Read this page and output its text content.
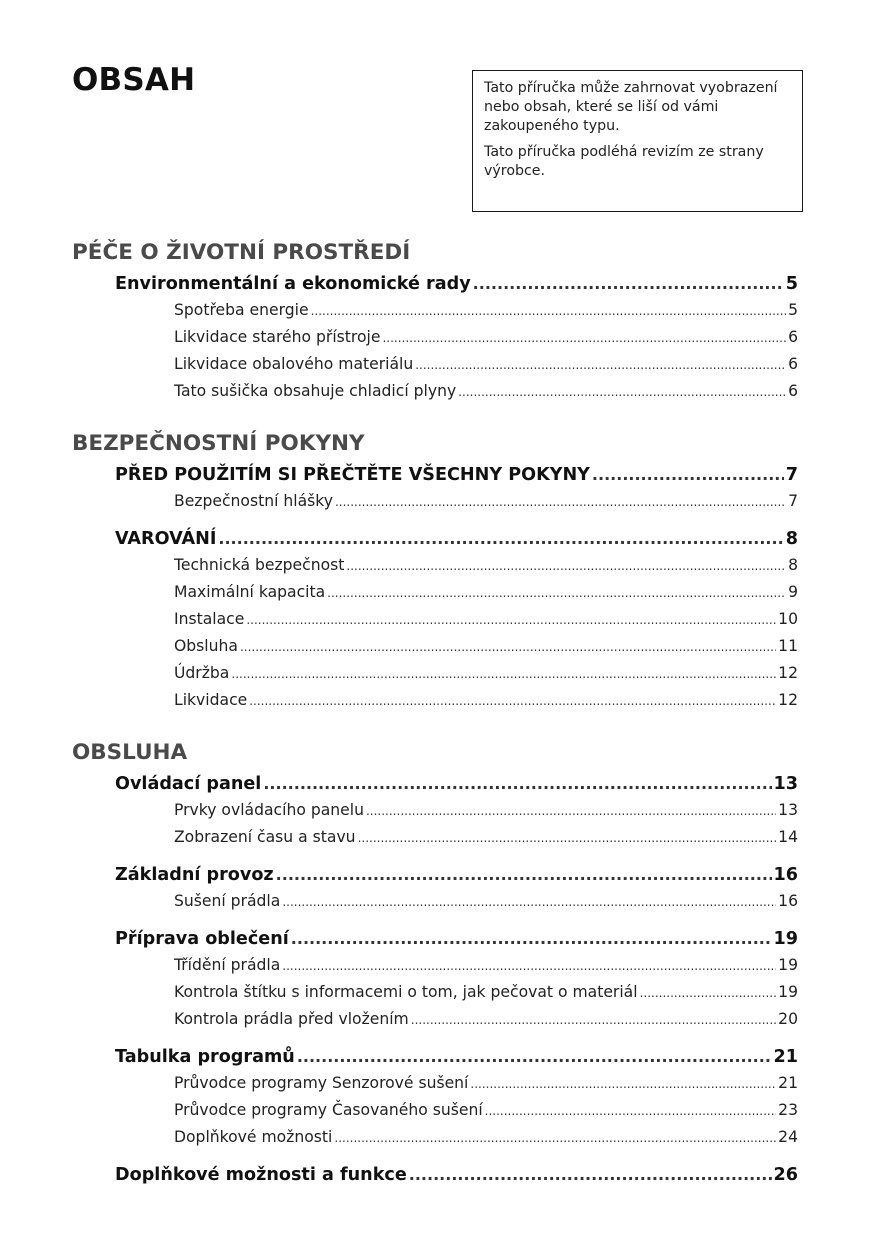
OBSAH	Tato příručka může zahrnovat vyobrazení nebo obsah, které se liší od vámi zakoupeného typu.

Tato příručka podléhá revizím ze strany výrobce.

PÉČE O ŽIVOTNÍ PROSTŘEDÍ
Environmentální a ekonomické rady .....	5
Spotřeba energie .....	5
Likvidace starého přístroje .....	6
Likvidace obalového materiálu .....	6
Tato sušička obsahuje chladicí plyny .....	6
BEZPEČNOSTNÍ POKYNY
PŘED POUŽITÍM SI PŘEČTĚTE VŠECHNY POKYNY .....	7
Bezpečnostní hlášky .....	7
VAROVÁNÍ .....	8
Technická bezpečnost .....	8
Maximální kapacita .....	9
Instalace .....	10
Obsluha .....	11
Údržba .....	12
Likvidace .....	12
OBSLUHA
Ovládací panel .....	13
Prvky ovládacího panelu .....	13
Zobrazení času a stavu .....	14
Základní provoz .....	16
Sušení prádla .....	16
Příprava oblečení .....	19
Třídění prádla .....	19
Kontrola štítku s informacemi o tom, jak pečovat o materiál .....	19
Kontrola prádla před vložením .....	20
Tabulka programů .....	21
Průvodce programy Senzorové sušení .....	21
Průvodce programy Časovaného sušení .....	23
Doplňkové možnosti .....	24
Doplňkové možnosti a funkce .....	26
